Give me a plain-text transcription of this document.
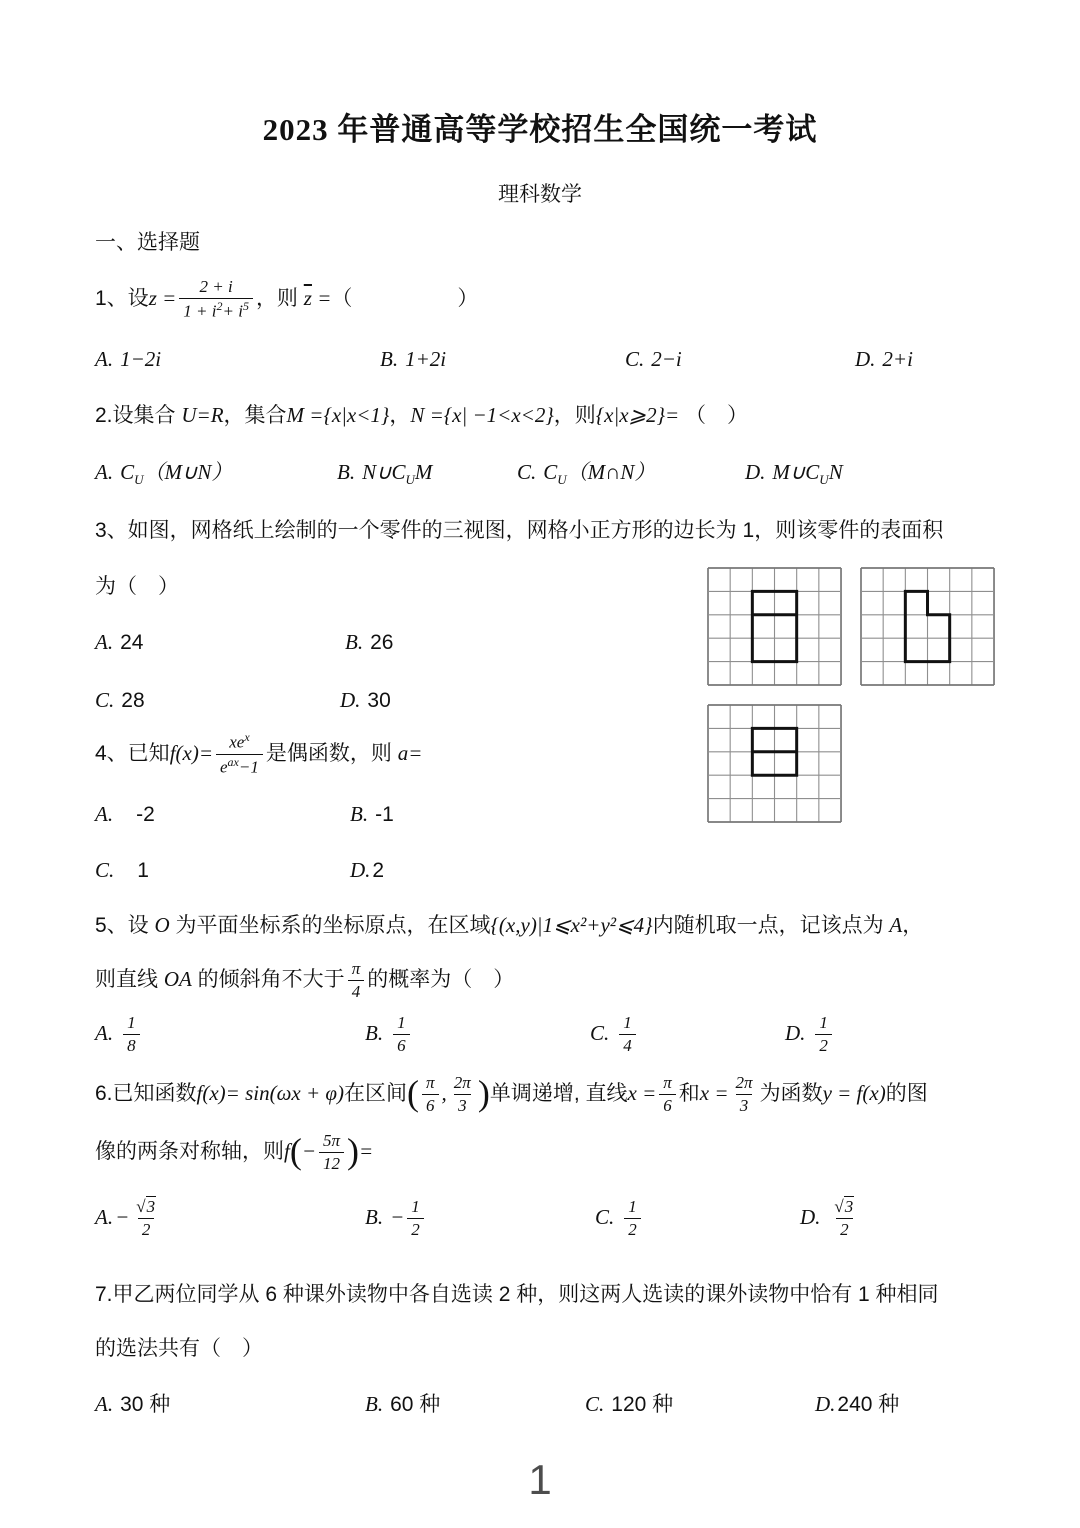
2023 年普通高等学校招生全国统一考试
理科数学
一、选择题
1、设$z = \frac{2 + i}{1 + i^2+ i^5}$ ，则 $\overline{z}$ =（　　　　　）
A. 1−2i	B. 1+2i	C. 2−i	D. 2+i
2.设集合 U=R，集合M ={x|x<1}，N ={x| −1<x<2}，则{x|x⩾2}= （　）
A. $C_U(M\cup N)$	B. $N\cup C_UM$	C. $C_U(M\cap N)$	D. $M\cup C_UN$
3、如图，网格纸上绘制的一个零件的三视图，网格小正方形的边长为 1，则该零件的表面积
为（　）
A. 24	B. 26
C. 28	D. 30
4、已知$f(x)= \frac{xe^x}{e^{ax}-1}$ 是偶函数，则 a=
A. -2	B. -1
C. 1	D.2
5、设 O 为平面坐标系的坐标原点，在区域{(x,y)|1⩽x²+y²⩽4}内随机取一点，记该点为 A，
则直线 OA 的倾斜角不大于 $\frac{\pi}{4}$ 的概率为（　）
A. $\frac{1}{8}$	B. $\frac{1}{6}$	C. $\frac{1}{4}$	D. $\frac{1}{2}$
6.已知函数f(x)= sin(ωx + φ)在区间( $\frac{\pi}{6}$ , $\frac{2\pi}{3}$ )单调递增, 直线$x = \frac{\pi}{6}$ 和$x = \frac{2\pi}{3}$ 为函数y = f(x)的图
像的两条对称轴，则$f(- \frac{5\pi}{12}$ )=
$A.- \frac{√3}{2}$	B. − $\frac{1}{2}$	C. $\frac{1}{2}$	D. $\frac{√3}{2}$
7.甲乙两位同学从 6 种课外读物中各自选读 2 种，则这两人选读的课外读物中恰有 1 种相同
的选法共有（　）
A. 30 种	B. 60 种	C. 120 种	D.240 种
1
